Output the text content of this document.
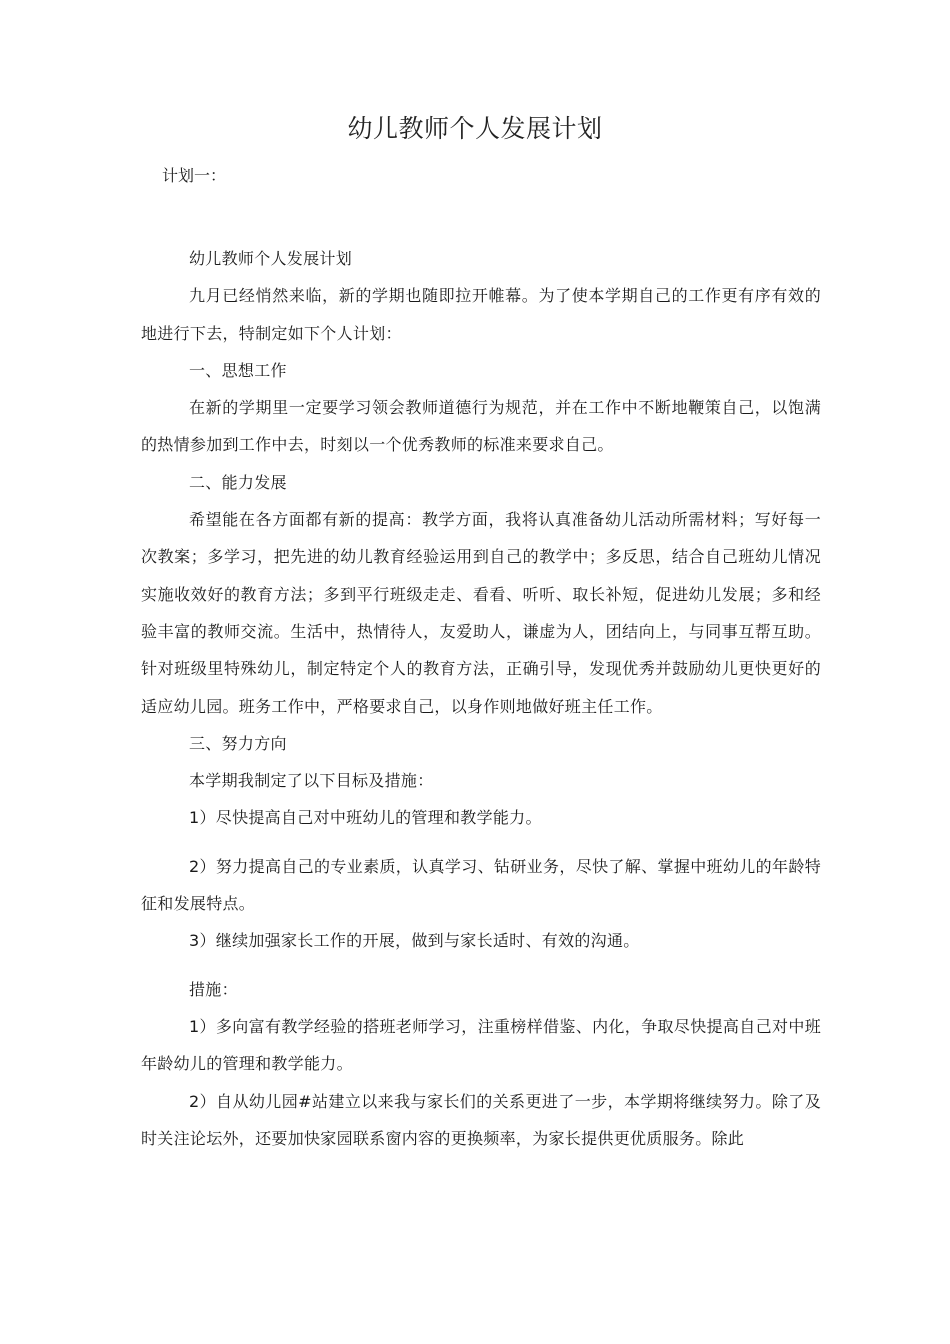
幼儿教师个人发展计划
计划一：

幼儿教师个人发展计划

九月已经悄然来临，新的学期也随即拉开帷幕。为了使本学期自己的工作更有序有效的地进行下去，特制定如下个人计划：

一、思想工作

在新的学期里一定要学习领会教师道德行为规范，并在工作中不断地鞭策自己，以饱满的热情参加到工作中去，时刻以一个优秀教师的标准来要求自己。

二、能力发展

希望能在各方面都有新的提高：教学方面，我将认真准备幼儿活动所需材料；写好每一次教案；多学习，把先进的幼儿教育经验运用到自己的教学中；多反思，结合自己班幼儿情况实施收效好的教育方法；多到平行班级走走、看看、听听、取长补短，促进幼儿发展；多和经验丰富的教师交流。生活中，热情待人，友爱助人，谦虚为人，团结向上，与同事互帮互助。针对班级里特殊幼儿，制定特定个人的教育方法，正确引导，发现优秀并鼓励幼儿更快更好的适应幼儿园。班务工作中，严格要求自己，以身作则地做好班主任工作。

三、努力方向

本学期我制定了以下目标及措施：

1）尽快提高自己对中班幼儿的管理和教学能力。

2）努力提高自己的专业素质，认真学习、钻研业务，尽快了解、掌握中班幼儿的年龄特征和发展特点。

3）继续加强家长工作的开展，做到与家长适时、有效的沟通。

措施：

1）多向富有教学经验的搭班老师学习，注重榜样借鉴、内化，争取尽快提高自己对中班年龄幼儿的管理和教学能力。

2）自从幼儿园#站建立以来我与家长们的关系更进了一步，本学期将继续努力。除了及时关注论坛外，还要加快家园联系窗内容的更换频率，为家长提供更优质服务。除此
